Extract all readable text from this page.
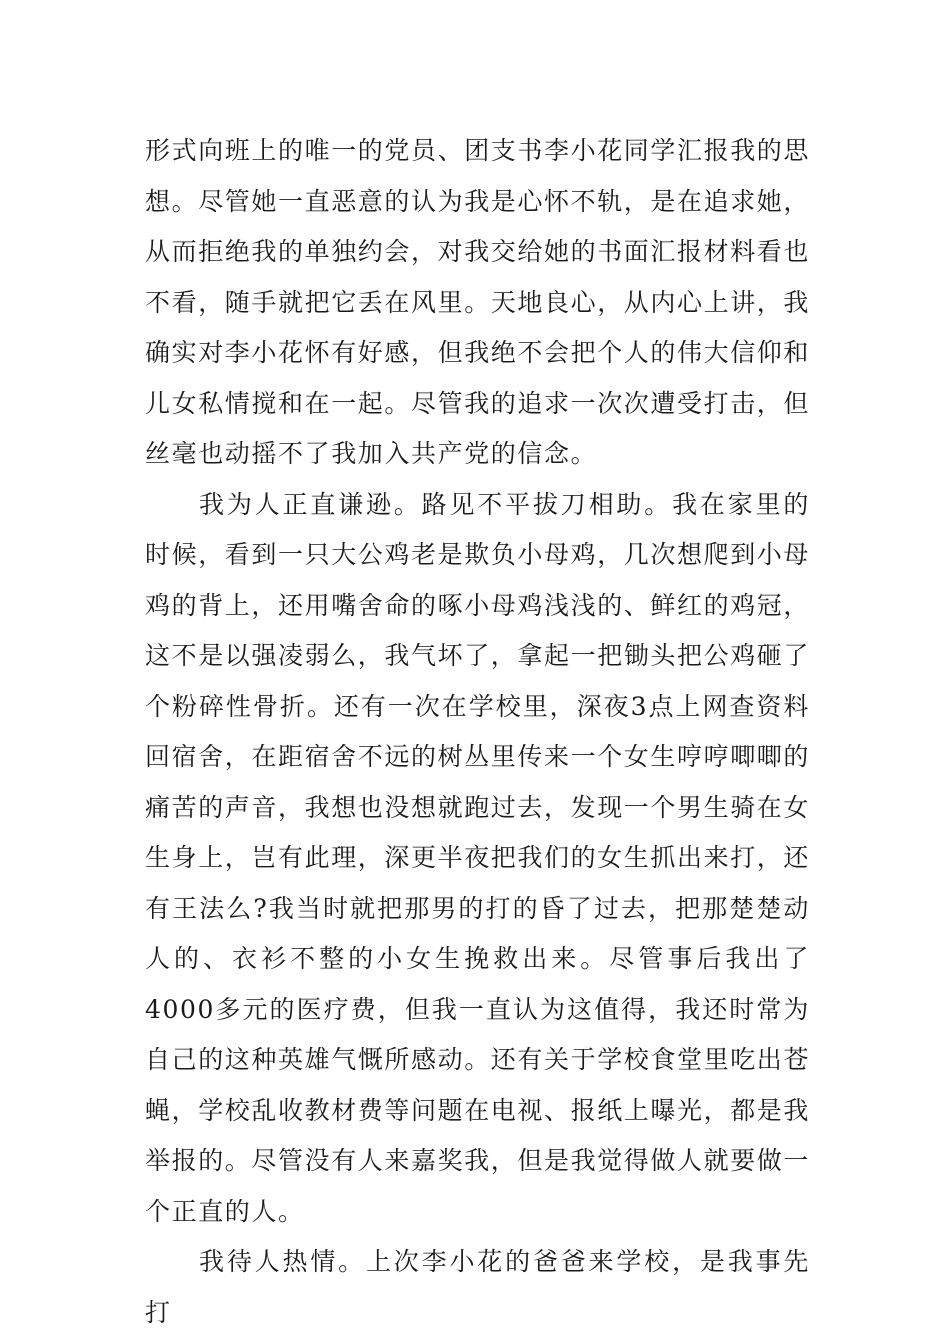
形式向班上的唯一的党员、团支书李小花同学汇报我的思想。尽管她一直恶意的认为我是心怀不轨，是在追求她，从而拒绝我的单独约会，对我交给她的书面汇报材料看也不看，随手就把它丢在风里。天地良心，从内心上讲，我确实对李小花怀有好感，但我绝不会把个人的伟大信仰和儿女私情搅和在一起。尽管我的追求一次次遭受打击，但丝毫也动摇不了我加入共产党的信念。

我为人正直谦逊。路见不平拔刀相助。我在家里的时候，看到一只大公鸡老是欺负小母鸡，几次想爬到小母鸡的背上，还用嘴舍命的啄小母鸡浅浅的、鲜红的鸡冠，这不是以强凌弱么，我气坏了，拿起一把锄头把公鸡砸了个粉碎性骨折。还有一次在学校里，深夜3点上网查资料回宿舍，在距宿舍不远的树丛里传来一个女生哼哼唧唧的痛苦的声音，我想也没想就跑过去，发现一个男生骑在女生身上，岂有此理，深更半夜把我们的女生抓出来打，还有王法么?我当时就把那男的打的昏了过去，把那楚楚动人的、衣衫不整的小女生挽救出来。尽管事后我出了4000多元的医疗费，但我一直认为这值得，我还时常为自己的这种英雄气慨所感动。还有关于学校食堂里吃出苍蝇，学校乱收教材费等问题在电视、报纸上曝光，都是我举报的。尽管没有人来嘉奖我，但是我觉得做人就要做一个正直的人。

我待人热情。上次李小花的爸爸来学校，是我事先打
